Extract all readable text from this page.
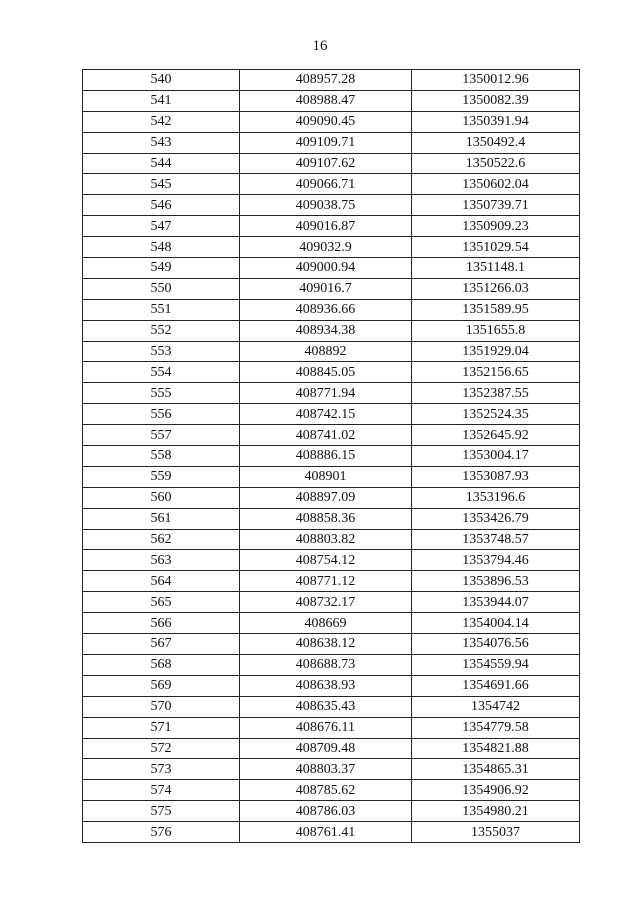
16
540	408957.28	1350012.96
541	408988.47	1350082.39
542	409090.45	1350391.94
543	409109.71	1350492.4
544	409107.62	1350522.6
545	409066.71	1350602.04
546	409038.75	1350739.71
547	409016.87	1350909.23
548	409032.9	1351029.54
549	409000.94	1351148.1
550	409016.7	1351266.03
551	408936.66	1351589.95
552	408934.38	1351655.8
553	408892	1351929.04
554	408845.05	1352156.65
555	408771.94	1352387.55
556	408742.15	1352524.35
557	408741.02	1352645.92
558	408886.15	1353004.17
559	408901	1353087.93
560	408897.09	1353196.6
561	408858.36	1353426.79
562	408803.82	1353748.57
563	408754.12	1353794.46
564	408771.12	1353896.53
565	408732.17	1353944.07
566	408669	1354004.14
567	408638.12	1354076.56
568	408688.73	1354559.94
569	408638.93	1354691.66
570	408635.43	1354742
571	408676.11	1354779.58
572	408709.48	1354821.88
573	408803.37	1354865.31
574	408785.62	1354906.92
575	408786.03	1354980.21
576	408761.41	1355037
